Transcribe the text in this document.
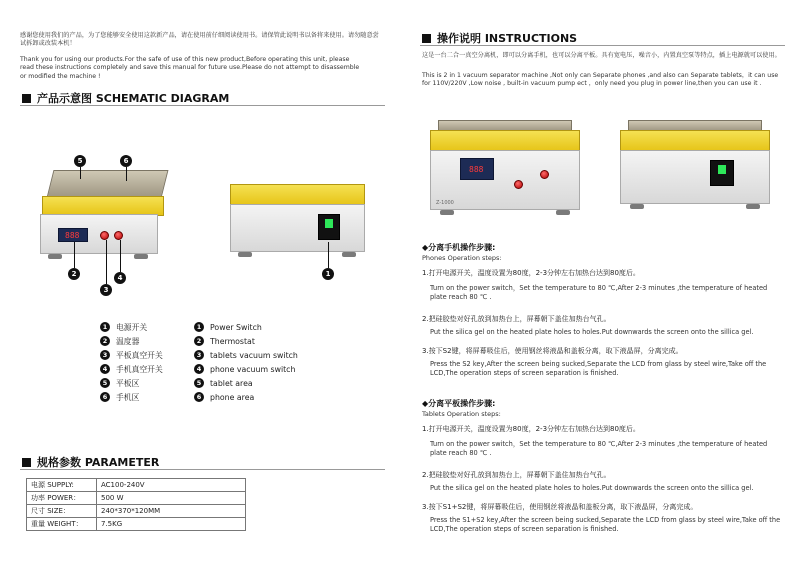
感谢您使用我们的产品，为了您能够安全使用这款新产品，请在使用前仔细阅读使用书。请保管此说明书以备将来使用。请勿随意尝试拆卸或改装本机！
Thank you for using our products.For the safe of use of this new product,Before operating this unit, please read these instructions completely and save this manual for future use.Please do not attempt to disassemble or modified the machine !
产品示意图 SCHEMATIC DIAGRAM
888
5	6
2	4
3
1
1	电源开关
2	温度器
3	平板真空开关
4	手机真空开关
5	平板区
6	手机区
1	Power Switch
2	Thermostat
3	tablets vacuum switch
4	phone vacuum switch
5	tablet area
6	phone area
规格参数 PARAMETER
电源 SUPPLY:	AC100-240V
功率 POWER：	500 W
尺寸 SIZE：	240*370*120MM
重量 WEIGHT：	7.5KG
操作说明 INSTRUCTIONS
这是一台二合一真空分离机，即可以分离手机，也可以分离平板。具有宽电压，噪音小，内置真空泵等特点，插上电源就可以使用。
This is 2 in 1 vacuum separator machine ,Not only can Separate phones ,and also can Separate tablets，it can use for 110V/220V ,Low noise , built-in vacuum pump ect ，only need you plug in power line,then you can use it .
888
Z-1000
◆分离手机操作步骤:
Phones Operation steps:
1.打开电源开关，温度设置为80度，2-3分钟左右加热台达到80度后。
Turn on the power switch，Set the temperature to 80 ℃,After 2-3 minutes ,the temperature of heated plate reach 80 ℃ .
2.把硅胶垫对好孔放到加热台上，屏幕朝下盖住加热台气孔。
Put the silica gel on the heated plate holes to holes.Put downwards the screen onto the sillica gel.
3.按下S2键，将屏幕吸住后，使用钢丝将液晶和盖板分离，取下液晶屏，分离完成。
Press the S2 key,After the screen being sucked,Separate the LCD from glass by steel wire,Take off the LCD,The operation steps of screen separation is finished.
◆分离平板操作步骤:
Tablets Operation steps:
1.打开电源开关，温度设置为80度，2-3分钟左右加热台达到80度后。
Turn on the power switch，Set the temperature to 80 ℃,After 2-3 minutes ,the temperature of heated plate reach 80 ℃ .
2.把硅胶垫对好孔放到加热台上，屏幕朝下盖住加热台气孔。
Put the silica gel on the heated plate holes to holes.Put downwards the screen onto the sillica gel.
3.按下S1+S2键，将屏幕吸住后，使用钢丝将液晶和盖板分离，取下液晶屏，分离完成。
Press the S1+S2 key,After the screen being sucked,Separate the LCD from glass by steel wire,Take off the LCD,The operation steps of screen separation is finished.
